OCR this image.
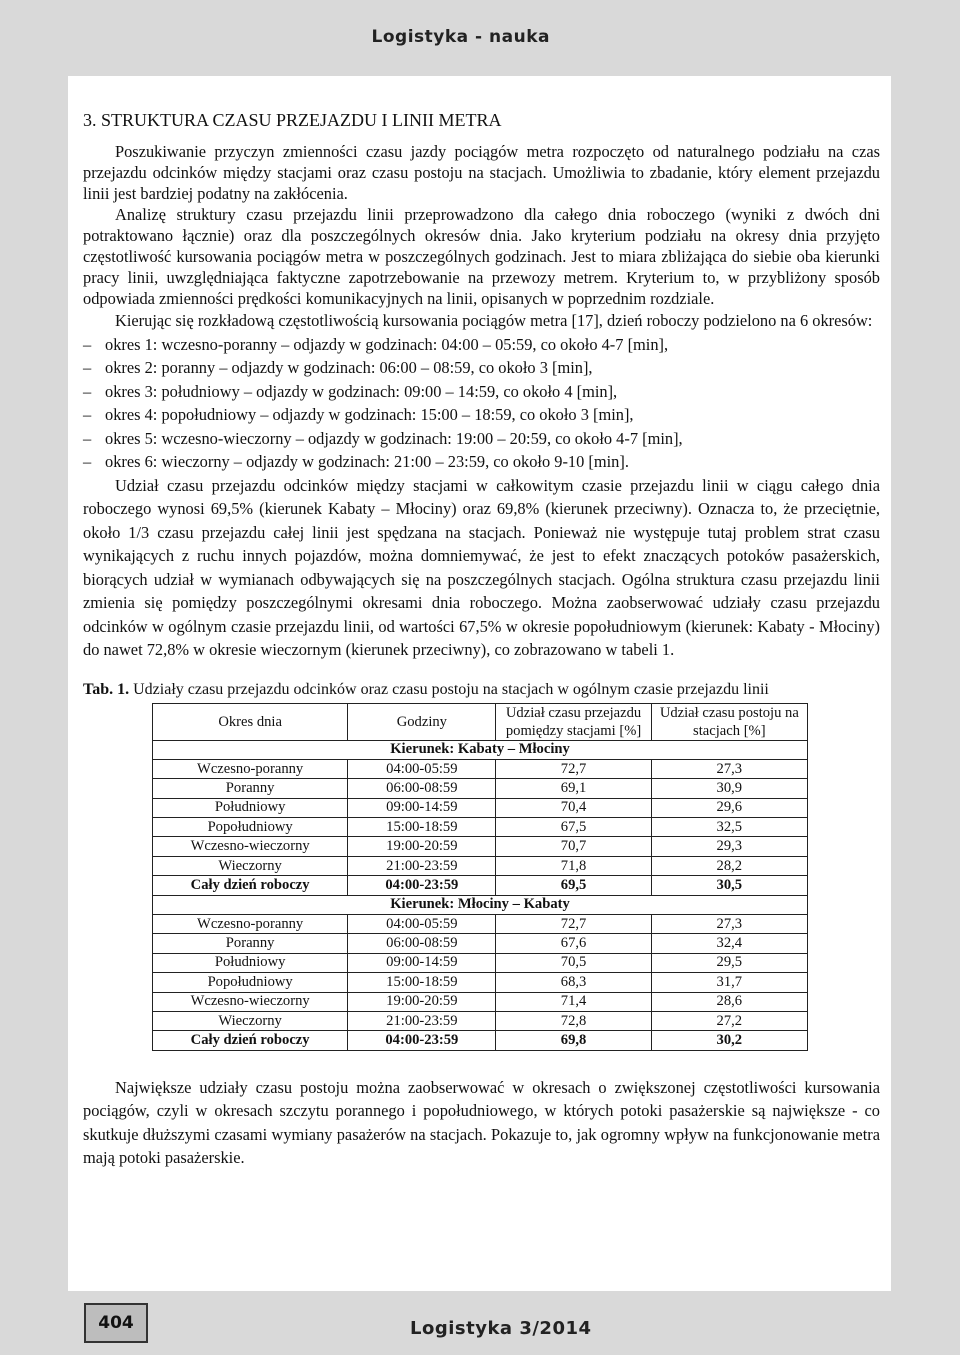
Logistyka - nauka
3. STRUKTURA CZASU PRZEJAZDU I LINII METRA

Poszukiwanie przyczyn zmienności czasu jazdy pociągów metra rozpoczęto od naturalnego podziału na czas przejazdu odcinków między stacjami oraz czasu postoju na stacjach. Umożliwia to zbadanie, który element przejazdu linii jest bardziej podatny na zakłócenia.

Analizę struktury czasu przejazdu linii przeprowadzono dla całego dnia roboczego (wyniki z dwóch dni potraktowano łącznie) oraz dla poszczególnych okresów dnia. Jako kryterium podziału na okresy dnia przyjęto częstotliwość kursowania pociągów metra w poszczególnych godzinach. Jest to miara zbliżająca do siebie oba kierunki pracy linii, uwzględniająca faktyczne zapotrzebowanie na przewozy metrem. Kryterium to, w przybliżony sposób odpowiada zmienności prędkości komunikacyjnych na linii, opisanych w poprzednim rozdziale.

Kierując się rozkładową częstotliwością kursowania pociągów metra [17], dzień roboczy podzielono na 6 okresów:

– okres 1: wczesno-poranny – odjazdy w godzinach: 04:00 – 05:59, co około 4-7 [min],
– okres 2: poranny – odjazdy w godzinach: 06:00 – 08:59, co około 3 [min],
– okres 3: południowy – odjazdy w godzinach: 09:00 – 14:59, co około 4 [min],
– okres 4: popołudniowy – odjazdy w godzinach: 15:00 – 18:59, co około 3 [min],
– okres 5: wczesno-wieczorny – odjazdy w godzinach: 19:00 – 20:59, co około 4-7 [min],
– okres 6: wieczorny – odjazdy w godzinach: 21:00 – 23:59, co około 9-10 [min].

Udział czasu przejazdu odcinków między stacjami w całkowitym czasie przejazdu linii w ciągu całego dnia roboczego wynosi 69,5% (kierunek Kabaty – Młociny) oraz 69,8% (kierunek przeciwny). Oznacza to, że przeciętnie, około 1/3 czasu przejazdu całej linii jest spędzana na stacjach. Ponieważ nie występuje tutaj problem strat czasu wynikających z ruchu innych pojazdów, można domniemywać, że jest to efekt znaczących potoków pasażerskich, biorących udział w wymianach odbywających się na poszczególnych stacjach. Ogólna struktura czasu przejazdu linii zmienia się pomiędzy poszczególnymi okresami dnia roboczego. Można zaobserwować udziały czasu przejazdu odcinków w ogólnym czasie przejazdu linii, od wartości 67,5% w okresie popołudniowym (kierunek: Kabaty - Młociny) do nawet 72,8% w okresie wieczornym (kierunek przeciwny), co zobrazowano w tabeli 1.

Tab. 1. Udziały czasu przejazdu odcinków oraz czasu postoju na stacjach w ogólnym czasie przejazdu linii
Okres dnia	Godziny	Udział czasu przejazdu pomiędzy stacjami [%]	Udział czasu postoju na stacjach [%]
Kierunek: Kabaty – Młociny			
Wczesno-poranny	04:00-05:59	72,7	27,3
Poranny	06:00-08:59	69,1	30,9
Południowy	09:00-14:59	70,4	29,6
Popołudniowy	15:00-18:59	67,5	32,5
Wczesno-wieczorny	19:00-20:59	70,7	29,3
Wieczorny	21:00-23:59	71,8	28,2
Cały dzień roboczy	04:00-23:59	69,5	30,5
Kierunek: Młociny – Kabaty			
Wczesno-poranny	04:00-05:59	72,7	27,3
Poranny	06:00-08:59	67,6	32,4
Południowy	09:00-14:59	70,5	29,5
Popołudniowy	15:00-18:59	68,3	31,7
Wczesno-wieczorny	19:00-20:59	71,4	28,6
Wieczorny	21:00-23:59	72,8	27,2
Cały dzień roboczy	04:00-23:59	69,8	30,2

Największe udziały czasu postoju można zaobserwować w okresach o zwiększonej częstotliwości kursowania pociągów, czyli w okresach szczytu porannego i popołudniowego, w których potoki pasażerskie są największe - co skutkuje dłuższymi czasami wymiany pasażerów na stacjach. Pokazuje to, jak ogromny wpływ na funkcjonowanie metra mają potoki pasażerskie.

404	Logistyka 3/2014
